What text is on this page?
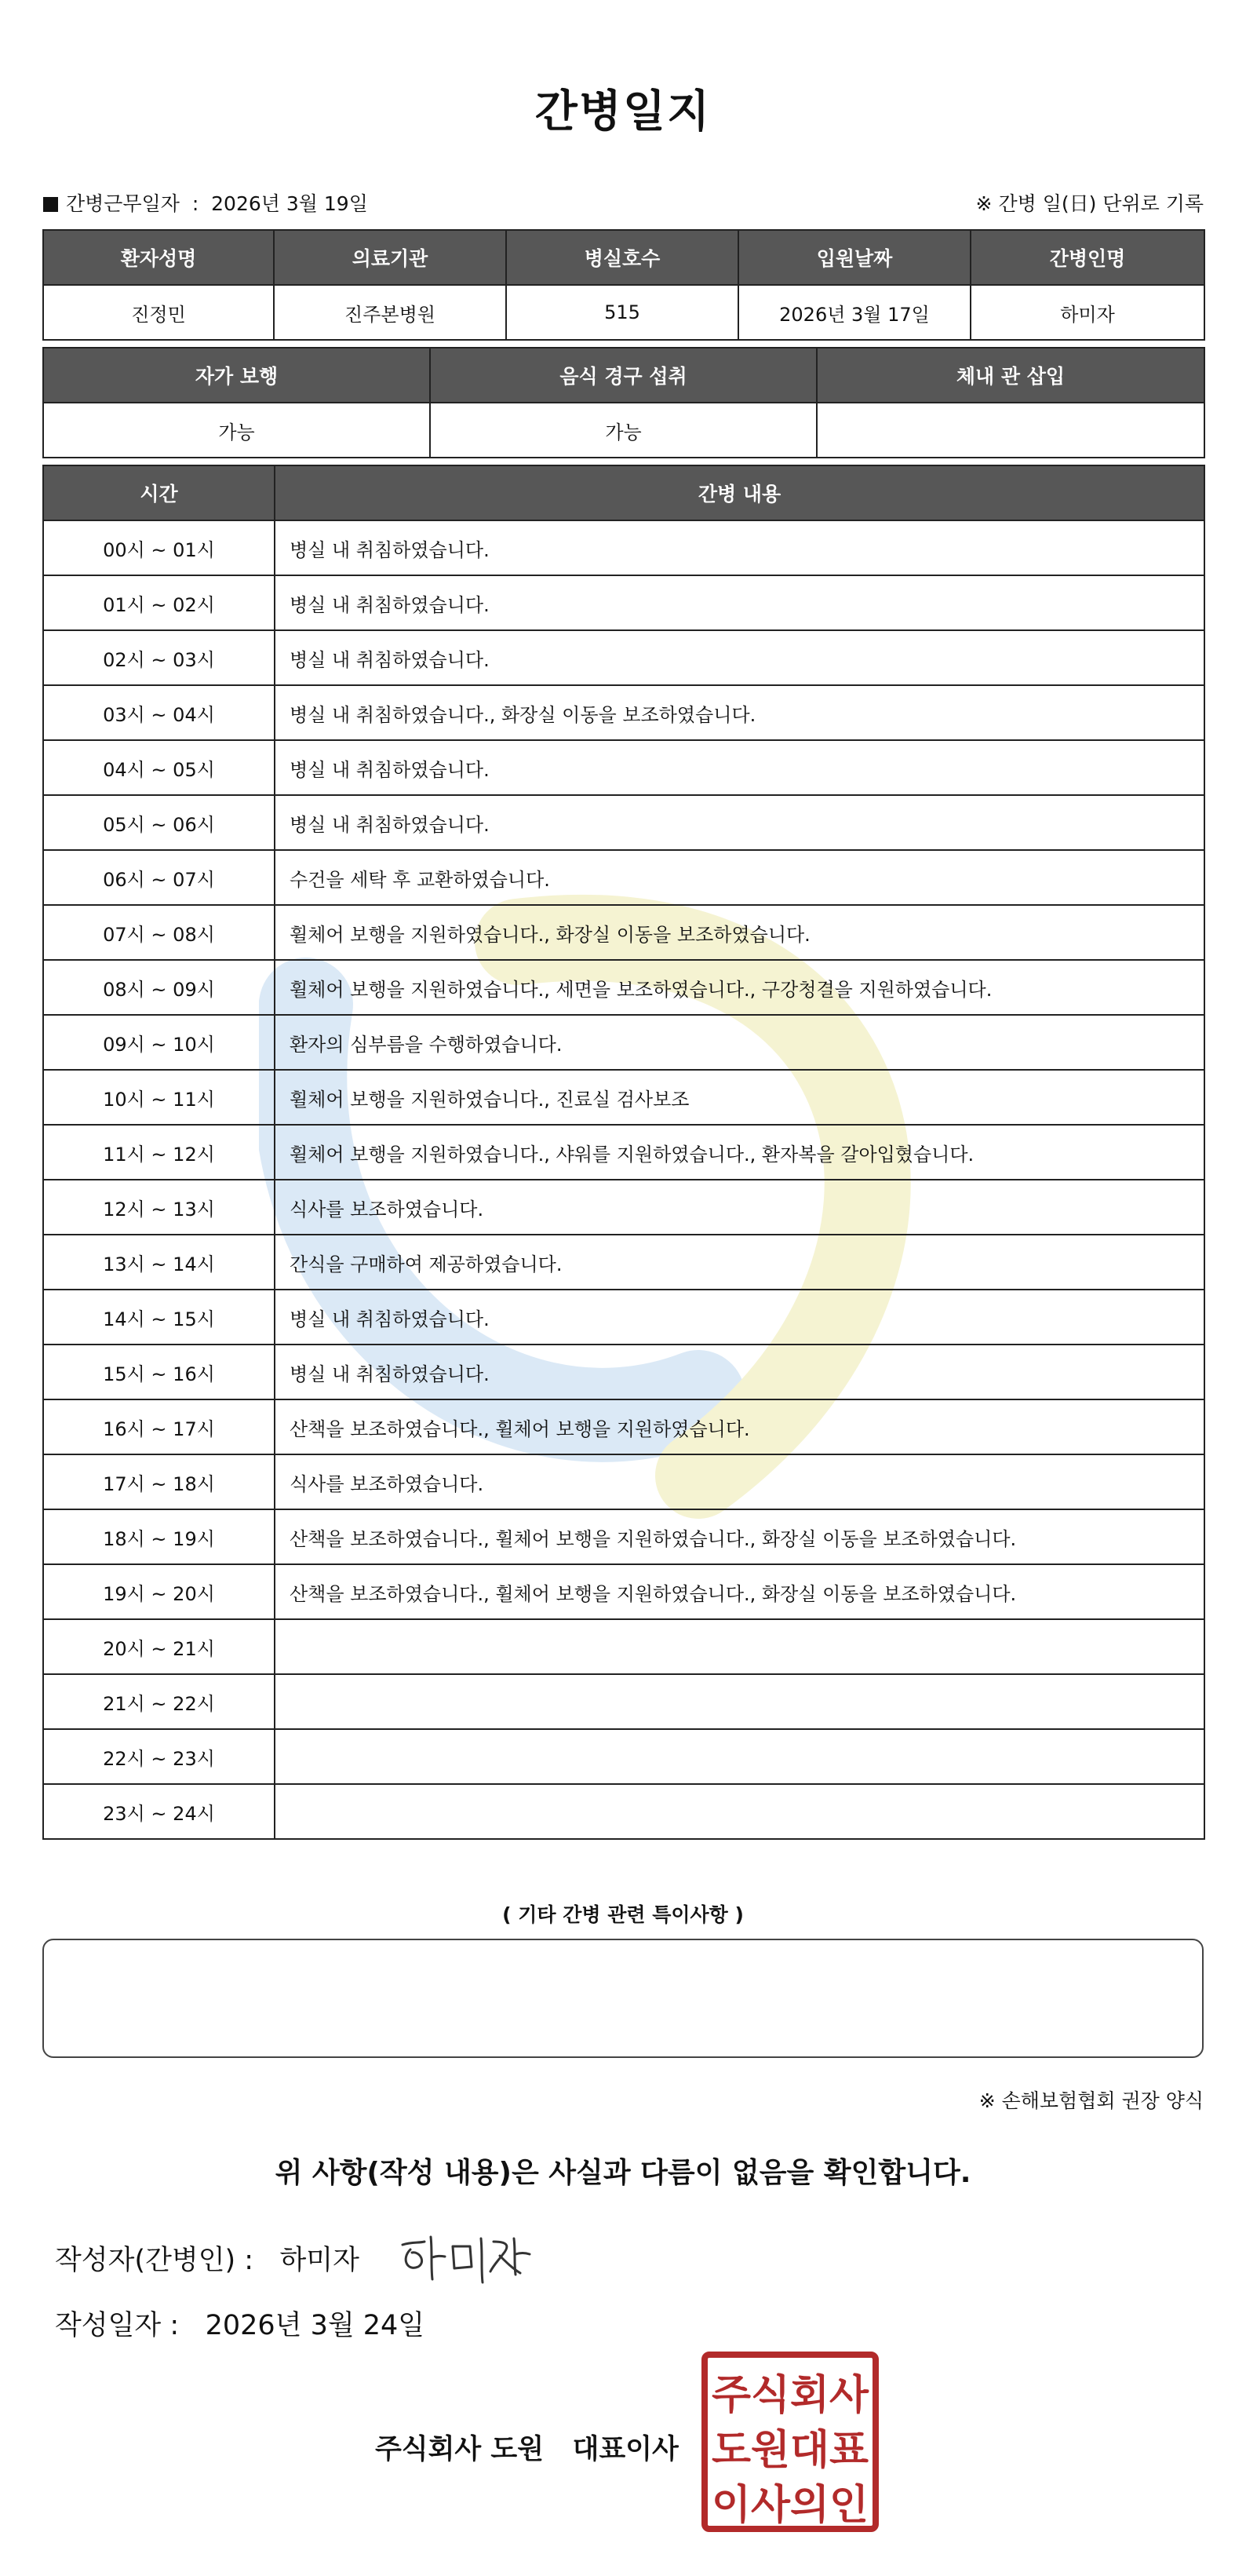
간병일지
간병근무일자 : 2026년 3월 19일	※ 간병 일(日) 단위로 기록
환자성명	의료기관	병실호수	입원날짜	간병인명
진정민	진주본병원	515	2026년 3월 17일	하미자
자가 보행	음식 경구 섭취	체내 관 삽입
가능	가능	
시간	간병 내용
00시 ~ 01시	병실 내 취침하였습니다.
01시 ~ 02시	병실 내 취침하였습니다.
02시 ~ 03시	병실 내 취침하였습니다.
03시 ~ 04시	병실 내 취침하였습니다., 화장실 이동을 보조하였습니다.
04시 ~ 05시	병실 내 취침하였습니다.
05시 ~ 06시	병실 내 취침하였습니다.
06시 ~ 07시	수건을 세탁 후 교환하였습니다.
07시 ~ 08시	휠체어 보행을 지원하였습니다., 화장실 이동을 보조하였습니다.
08시 ~ 09시	휠체어 보행을 지원하였습니다., 세면을 보조하였습니다., 구강청결을 지원하였습니다.
09시 ~ 10시	환자의 심부름을 수행하였습니다.
10시 ~ 11시	휠체어 보행을 지원하였습니다., 진료실 검사보조
11시 ~ 12시	휠체어 보행을 지원하였습니다., 샤워를 지원하였습니다., 환자복을 갈아입혔습니다.
12시 ~ 13시	식사를 보조하였습니다.
13시 ~ 14시	간식을 구매하여 제공하였습니다.
14시 ~ 15시	병실 내 취침하였습니다.
15시 ~ 16시	병실 내 취침하였습니다.
16시 ~ 17시	산책을 보조하였습니다., 휠체어 보행을 지원하였습니다.
17시 ~ 18시	식사를 보조하였습니다.
18시 ~ 19시	산책을 보조하였습니다., 휠체어 보행을 지원하였습니다., 화장실 이동을 보조하였습니다.
19시 ~ 20시	산책을 보조하였습니다., 휠체어 보행을 지원하였습니다., 화장실 이동을 보조하였습니다.
20시 ~ 21시	
21시 ~ 22시	
22시 ~ 23시	
23시 ~ 24시	
( 기타 간병 관련 특이사항 )
※ 손해보험협회 권장 양식
위 사항(작성 내용)은 사실과 다름이 없음을 확인합니다.
작성자(간병인) : 하미자
작성일자 : 2026년 3월 24일
주식회사 도원 대표이사
주식회사
도원대표
이사의인
